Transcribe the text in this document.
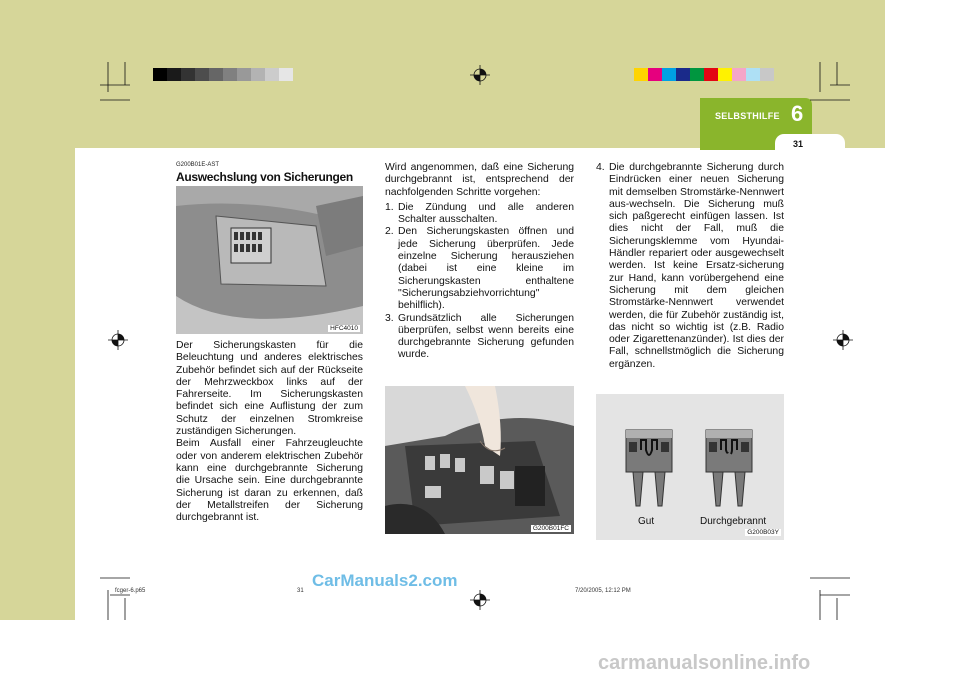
SELBSTHILFE 6
31
G200B01E-AST
Auswechslung von Sicherungen
HFC4010

Der Sicherungskasten für die Beleuchtung und anderes elektrisches Zubehör befindet sich auf der Rückseite der Mehrzweckbox links auf der Fahrerseite. Im Sicherungskasten befindet sich eine Auflistung der zum Schutz der einzelnen Stromkreise zuständigen Sicherungen.

Beim Ausfall einer Fahrzeugleuchte oder von anderem elektrischen Zubehör kann eine durchgebrannte Sicherung die Ursache sein. Eine durchgebrannte Sicherung ist daran zu erkennen, daß der Metallstreifen der Sicherung durchgebrannt ist.

Wird angenommen, daß eine Sicherung durchgebrannt ist, entsprechend der nachfolgenden Schritte vorgehen:

1. Die Zündung und alle anderen Schalter ausschalten.
2. Den Sicherungskasten öffnen und jede Sicherung überprüfen. Jede einzelne Sicherung herausziehen (dabei ist eine kleine im Sicherungskasten enthaltene "Sicherungsabziehvorrichtung" behilflich).
3. Grundsätzlich alle Sicherungen überprüfen, selbst wenn bereits eine durchgebrannte Sicherung gefunden wurde.
G200B01FC
4. Die durchgebrannte Sicherung durch Eindrücken einer neuen Sicherung mit demselben Stromstärke-Nennwert aus-wechseln. Die Sicherung muß sich paßgerecht einfügen lassen. Ist dies nicht der Fall, muß die Sicherungsklemme vom Hyundai-Händler repariert oder ausgewechselt werden. Ist keine Ersatz-sicherung zur Hand, kann vorübergehend eine Sicherung mit dem gleichen Stromstärke-Nennwert verwendet werden, die für Zubehör zuständig ist, das nicht so wichtig ist (z.B. Radio oder Zigarettenanzünder). Ist dies der Fall, schnellstmöglich die Sicherung ergänzen.
Gut	Durchgebrannt
G200B03Y
fcger-6.p65	31	7/20/2005, 12:12 PM
CarManuals2.com
carmanualsonline.info
